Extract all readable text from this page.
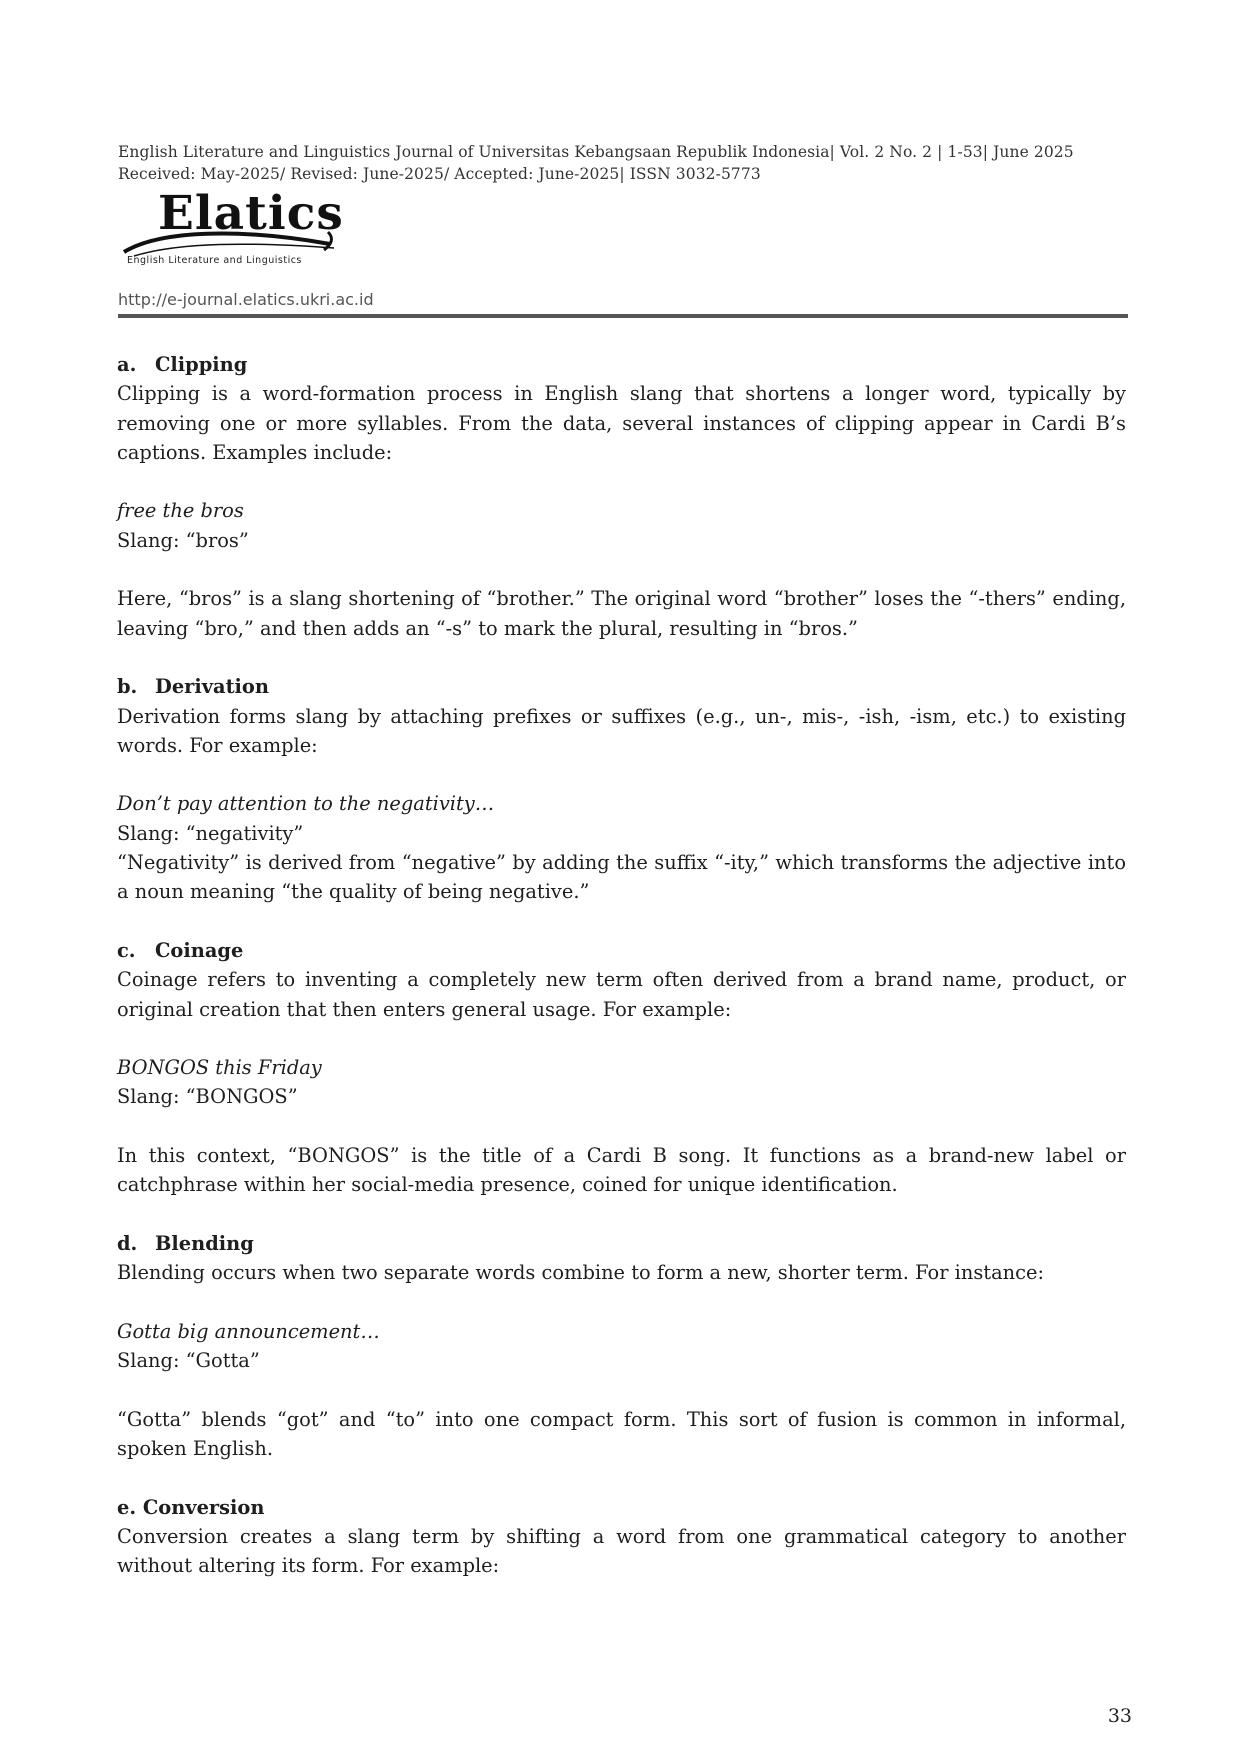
English Literature and Linguistics Journal of Universitas Kebangsaan Republik Indonesia| Vol. 2 No. 2 | 1-53| June 2025
Received: May-2025/ Revised: June-2025/ Accepted: June-2025| ISSN 3032-5773
Elatics
English Literature and Linguistics
http://e-journal.elatics.ukri.ac.id

a. Clipping

Clipping is a word-formation process in English slang that shortens a longer word, typically by removing one or more syllables. From the data, several instances of clipping appear in Cardi B’s captions. Examples include:

free the bros

Slang: “bros”

Here, “bros” is a slang shortening of “brother.” The original word “brother” loses the “-thers” ending, leaving “bro,” and then adds an “-s” to mark the plural, resulting in “bros.”

b. Derivation

Derivation forms slang by attaching prefixes or suffixes (e.g., un-, mis-, -ish, -ism, etc.) to existing words. For example:

Don’t pay attention to the negativity…

Slang: “negativity”

“Negativity” is derived from “negative” by adding the suffix “-ity,” which transforms the adjective into a noun meaning “the quality of being negative.”

c. Coinage

Coinage refers to inventing a completely new term often derived from a brand name, product, or original creation that then enters general usage. For example:

BONGOS this Friday

Slang: “BONGOS”

In this context, “BONGOS” is the title of a Cardi B song. It functions as a brand-new label or catchphrase within her social-media presence, coined for unique identification.

d. Blending

Blending occurs when two separate words combine to form a new, shorter term. For instance:

Gotta big announcement…

Slang: “Gotta”

“Gotta” blends “got” and “to” into one compact form. This sort of fusion is common in informal, spoken English.

e. Conversion

Conversion creates a slang term by shifting a word from one grammatical category to another without altering its form. For example:

33
